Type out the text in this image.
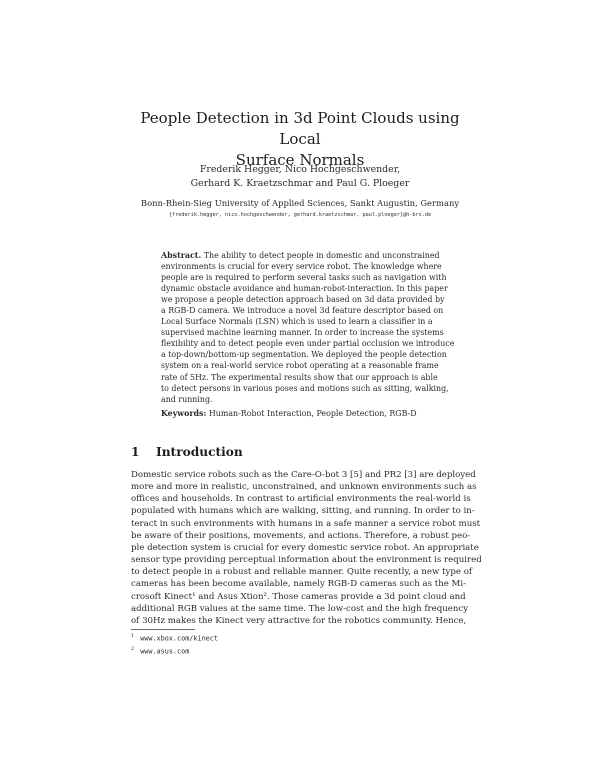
People Detection in 3d Point Clouds using Local
Surface Normals
Frederik Hegger, Nico Hochgeschwender,
Gerhard K. Kraetzschmar and Paul G. Ploeger
Bonn-Rhein-Sieg University of Applied Sciences, Sankt Augustin, Germany
{frederik.hegger, nico.hochgeschwender, gerhard.kraetzschmar, paul.ploeger}@h-brs.de
Abstract. The ability to detect people in domestic and unconstrained
environments is crucial for every service robot. The knowledge where
people are is required to perform several tasks such as navigation with
dynamic obstacle avoidance and human-robot-interaction. In this paper
we propose a people detection approach based on 3d data provided by
a RGB-D camera. We introduce a novel 3d feature descriptor based on
Local Surface Normals (LSN) which is used to learn a classifier in a
supervised machine learning manner. In order to increase the systems
flexibility and to detect people even under partial occlusion we introduce
a top-down/bottom-up segmentation. We deployed the people detection
system on a real-world service robot operating at a reasonable frame
rate of 5Hz. The experimental results show that our approach is able
to detect persons in various poses and motions such as sitting, walking,
and running.
Keywords: Human-Robot Interaction, People Detection, RGB-D
1 Introduction
Domestic service robots such as the Care-O-bot 3 [5] and PR2 [3] are deployed
more and more in realistic, unconstrained, and unknown environments such as
offices and households. In contrast to artificial environments the real-world is
populated with humans which are walking, sitting, and running. In order to in-
teract in such environments with humans in a safe manner a service robot must
be aware of their positions, movements, and actions. Therefore, a robust peo-
ple detection system is crucial for every domestic service robot. An appropriate
sensor type providing perceptual information about the environment is required
to detect people in a robust and reliable manner. Quite recently, a new type of
cameras has been become available, namely RGB-D cameras such as the Mi-
crosoft Kinect¹ and Asus Xtion². Those cameras provide a 3d point cloud and
additional RGB values at the same time. The low-cost and the high frequency
of 30Hz makes the Kinect very attractive for the robotics community. Hence,
$^1$ www.xbox.com/kinect
$^2$ www.asus.com
